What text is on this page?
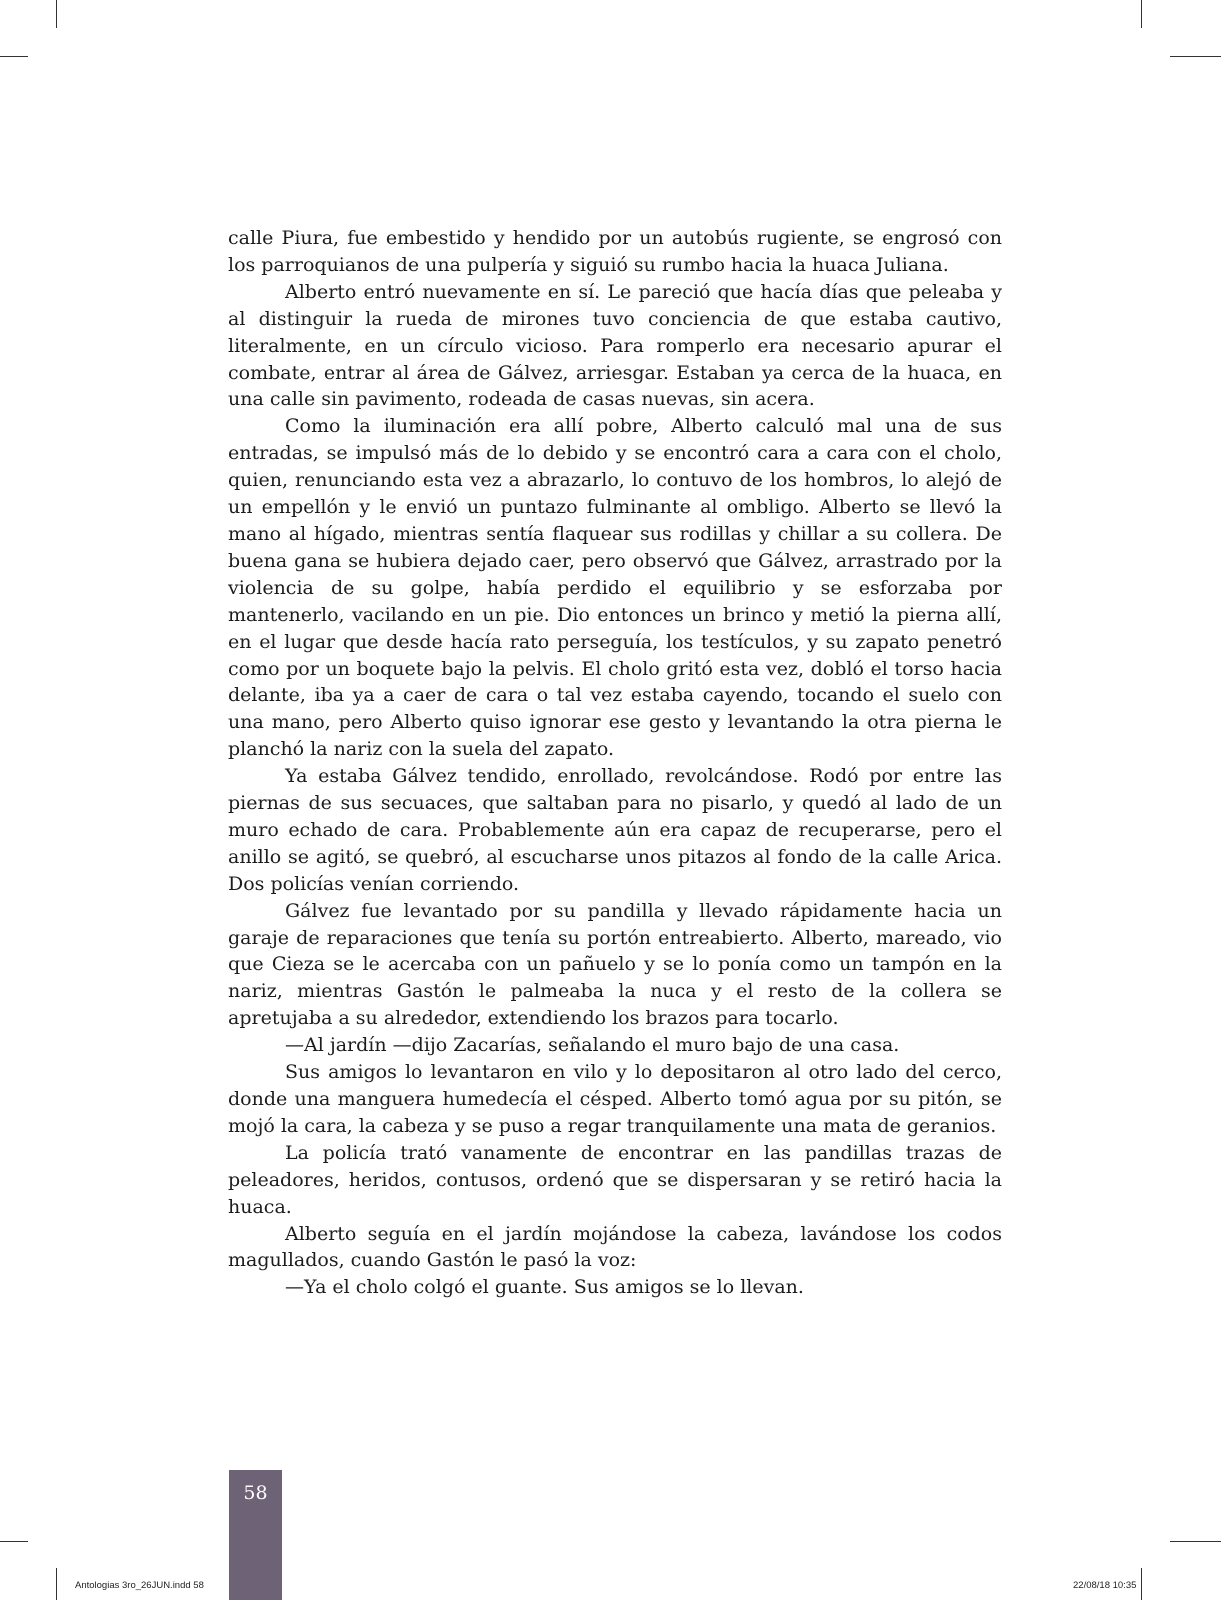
calle Piura, fue embestido y hendido por un autobús rugiente, se engrosó con los parroquianos de una pulpería y siguió su rumbo hacia la huaca Juliana.

Alberto entró nuevamente en sí. Le pareció que hacía días que peleaba y al distinguir la rueda de mirones tuvo conciencia de que estaba cautivo, literalmente, en un círculo vicioso. Para romperlo era necesario apurar el combate, entrar al área de Gálvez, arriesgar. Estaban ya cerca de la huaca, en una calle sin pavimento, rodeada de casas nuevas, sin acera.

Como la iluminación era allí pobre, Alberto calculó mal una de sus entradas, se impulsó más de lo debido y se encontró cara a cara con el cholo, quien, renunciando esta vez a abrazarlo, lo contuvo de los hombros, lo alejó de un empellón y le envió un puntazo fulminante al ombligo. Alberto se llevó la mano al hígado, mientras sentía flaquear sus rodillas y chillar a su collera. De buena gana se hubiera dejado caer, pero observó que Gálvez, arrastrado por la violencia de su golpe, había perdido el equilibrio y se esforzaba por mantenerlo, vacilando en un pie. Dio entonces un brinco y metió la pierna allí, en el lugar que desde hacía rato perseguía, los testículos, y su zapato penetró como por un boquete bajo la pelvis. El cholo gritó esta vez, dobló el torso hacia delante, iba ya a caer de cara o tal vez estaba cayendo, tocando el suelo con una mano, pero Alberto quiso ignorar ese gesto y levantando la otra pierna le planchó la nariz con la suela del zapato.

Ya estaba Gálvez tendido, enrollado, revolcándose. Rodó por entre las piernas de sus secuaces, que saltaban para no pisarlo, y quedó al lado de un muro echado de cara. Probablemente aún era capaz de recuperarse, pero el anillo se agitó, se quebró, al escucharse unos pitazos al fondo de la calle Arica. Dos policías venían corriendo.

Gálvez fue levantado por su pandilla y llevado rápidamente hacia un garaje de reparaciones que tenía su portón entreabierto. Alberto, mareado, vio que Cieza se le acercaba con un pañuelo y se lo ponía como un tampón en la nariz, mientras Gastón le palmeaba la nuca y el resto de la collera se apretujaba a su alrededor, extendiendo los brazos para tocarlo.

—Al jardín —dijo Zacarías, señalando el muro bajo de una casa.

Sus amigos lo levantaron en vilo y lo depositaron al otro lado del cerco, donde una manguera humedecía el césped. Alberto tomó agua por su pitón, se mojó la cara, la cabeza y se puso a regar tranquilamente una mata de geranios.

La policía trató vanamente de encontrar en las pandillas trazas de peleadores, heridos, contusos, ordenó que se dispersaran y se retiró hacia la huaca.

Alberto seguía en el jardín mojándose la cabeza, lavándose los codos magullados, cuando Gastón le pasó la voz:

—Ya el cholo colgó el guante. Sus amigos se lo llevan.

58
Antologias 3ro_26JUN.indd 58	22/08/18 10:35
